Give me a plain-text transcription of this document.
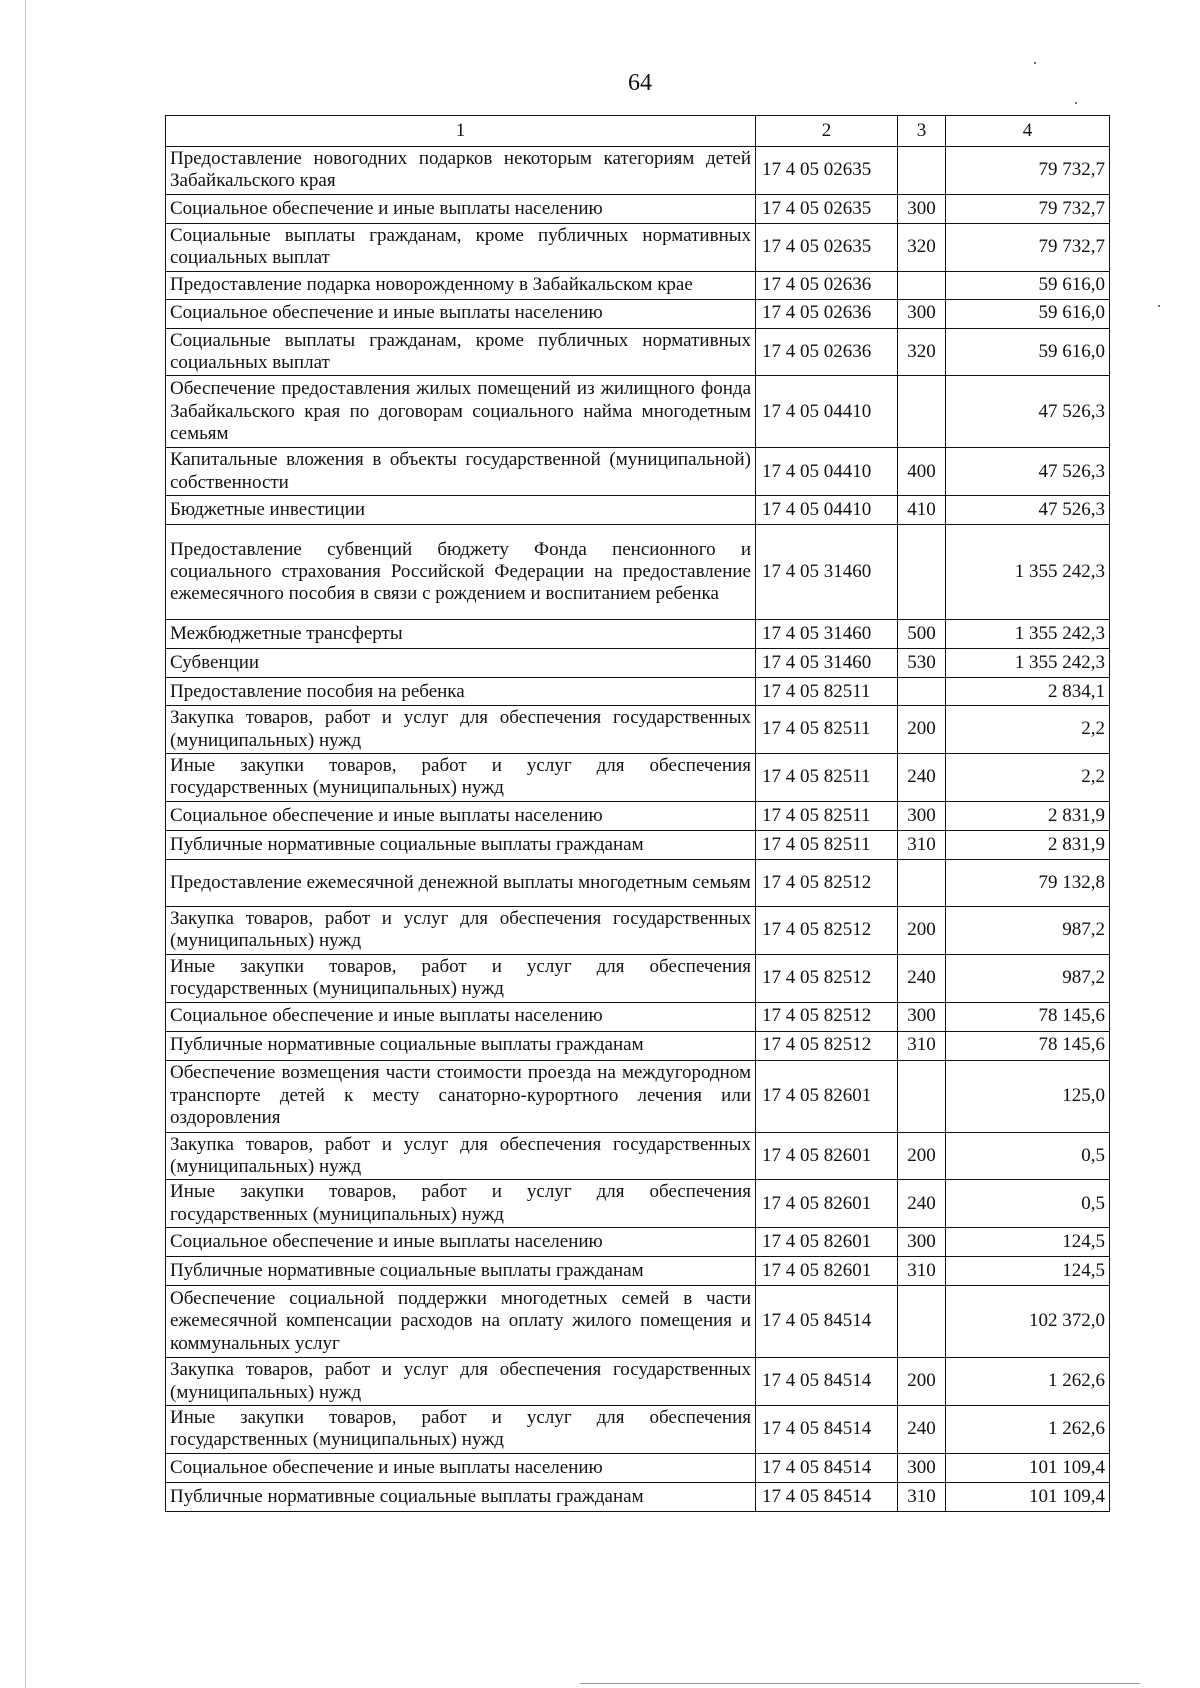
64
1	2	3	4
Предоставление новогодних подарков некоторым категориям детей Забайкальского края	17 4 05 02635		79 732,7
Социальное обеспечение и иные выплаты населению	17 4 05 02635	300	79 732,7
Социальные выплаты гражданам, кроме публичных нормативных социальных выплат	17 4 05 02635	320	79 732,7
Предоставление подарка новорожденному в Забайкальском крае	17 4 05 02636		59 616,0
Социальное обеспечение и иные выплаты населению	17 4 05 02636	300	59 616,0
Социальные выплаты гражданам, кроме публичных нормативных социальных выплат	17 4 05 02636	320	59 616,0
Обеспечение предоставления жилых помещений из жилищного фонда Забайкальского края по договорам социального найма многодетным семьям	17 4 05 04410		47 526,3
Капитальные вложения в объекты государственной (муниципальной) собственности	17 4 05 04410	400	47 526,3
Бюджетные инвестиции	17 4 05 04410	410	47 526,3
Предоставление субвенций бюджету Фонда пенсионного и социального страхования Российской Федерации на предоставление ежемесячного пособия в связи с рождением и воспитанием ребенка	17 4 05 31460		1 355 242,3
Межбюджетные трансферты	17 4 05 31460	500	1 355 242,3
Субвенции	17 4 05 31460	530	1 355 242,3
Предоставление пособия на ребенка	17 4 05 82511		2 834,1
Закупка товаров, работ и услуг для обеспечения государственных (муниципальных) нужд	17 4 05 82511	200	2,2
Иные закупки товаров, работ и услуг для обеспечения государственных (муниципальных) нужд	17 4 05 82511	240	2,2
Социальное обеспечение и иные выплаты населению	17 4 05 82511	300	2 831,9
Публичные нормативные социальные выплаты гражданам	17 4 05 82511	310	2 831,9
Предоставление ежемесячной денежной выплаты многодетным семьям	17 4 05 82512		79 132,8
Закупка товаров, работ и услуг для обеспечения государственных (муниципальных) нужд	17 4 05 82512	200	987,2
Иные закупки товаров, работ и услуг для обеспечения государственных (муниципальных) нужд	17 4 05 82512	240	987,2
Социальное обеспечение и иные выплаты населению	17 4 05 82512	300	78 145,6
Публичные нормативные социальные выплаты гражданам	17 4 05 82512	310	78 145,6
Обеспечение возмещения части стоимости проезда на междугородном транспорте детей к месту санаторно-курортного лечения или оздоровления	17 4 05 82601		125,0
Закупка товаров, работ и услуг для обеспечения государственных (муниципальных) нужд	17 4 05 82601	200	0,5
Иные закупки товаров, работ и услуг для обеспечения государственных (муниципальных) нужд	17 4 05 82601	240	0,5
Социальное обеспечение и иные выплаты населению	17 4 05 82601	300	124,5
Публичные нормативные социальные выплаты гражданам	17 4 05 82601	310	124,5
Обеспечение социальной поддержки многодетных семей в части ежемесячной компенсации расходов на оплату жилого помещения и коммунальных услуг	17 4 05 84514		102 372,0
Закупка товаров, работ и услуг для обеспечения государственных (муниципальных) нужд	17 4 05 84514	200	1 262,6
Иные закупки товаров, работ и услуг для обеспечения государственных (муниципальных) нужд	17 4 05 84514	240	1 262,6
Социальное обеспечение и иные выплаты населению	17 4 05 84514	300	101 109,4
Публичные нормативные социальные выплаты гражданам	17 4 05 84514	310	101 109,4
